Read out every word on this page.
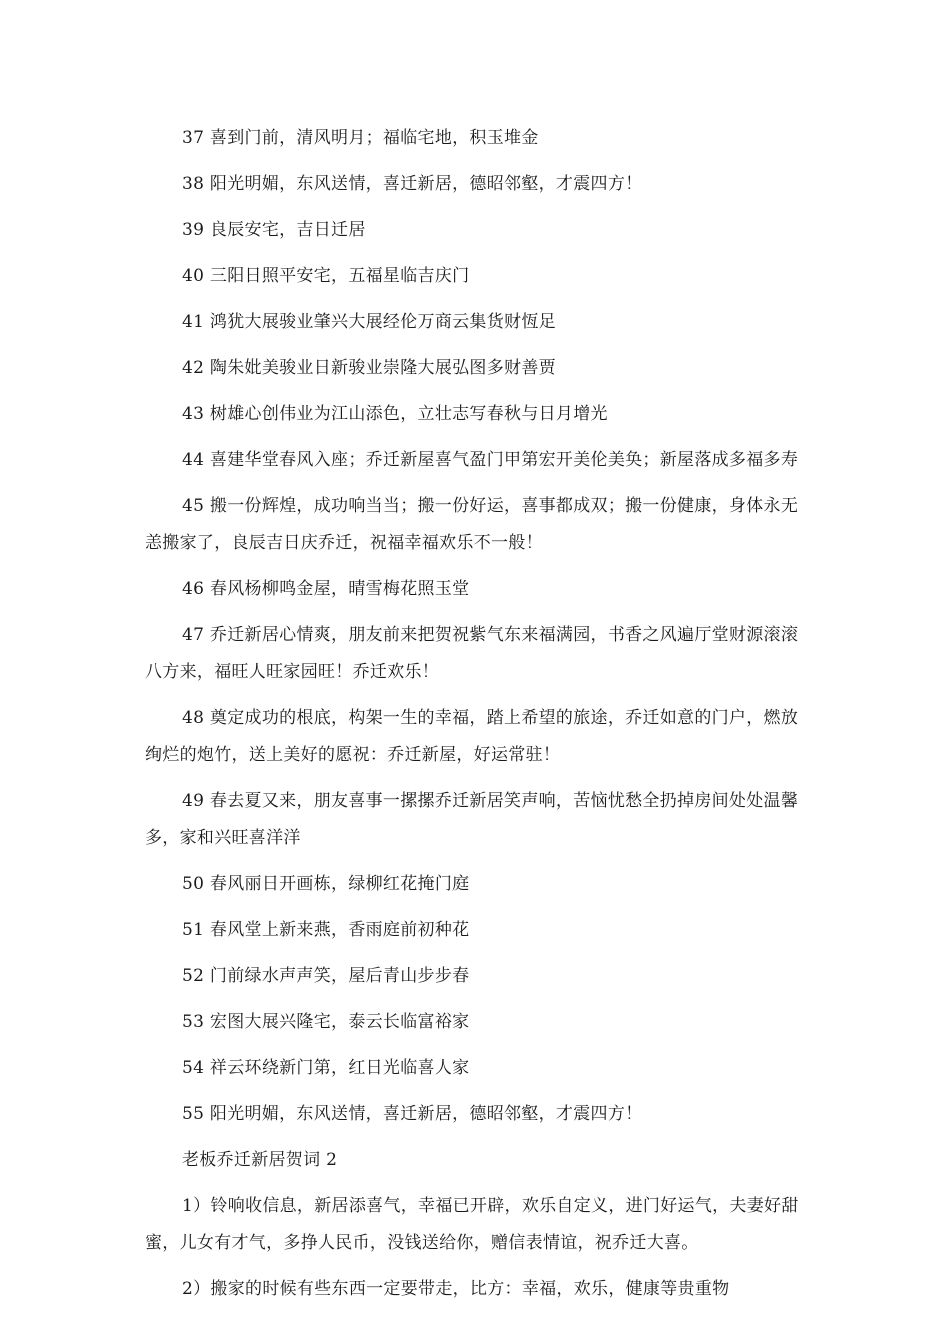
37 喜到门前，清风明月；福临宅地，积玉堆金

38 阳光明媚，东风送情，喜迁新居，德昭邻壑，才震四方！

39 良辰安宅，吉日迁居

40 三阳日照平安宅，五福星临吉庆门

41 鸿犹大展骏业肇兴大展经伦万商云集货财恆足

42 陶朱妣美骏业日新骏业崇隆大展弘图多财善贾

43 树雄心创伟业为江山添色，立壮志写春秋与日月增光

44 喜建华堂春风入座；乔迁新屋喜气盈门甲第宏开美伦美奂；新屋落成多福多寿

45 搬一份辉煌，成功响当当；搬一份好运，喜事都成双；搬一份健康，身体永无恙搬家了，良辰吉日庆乔迁，祝福幸福欢乐不一般！

46 春风杨柳鸣金屋，晴雪梅花照玉堂

47 乔迁新居心情爽，朋友前来把贺祝紫气东来福满园，书香之风遍厅堂财源滚滚八方来，福旺人旺家园旺！乔迁欢乐！

48 奠定成功的根底，构架一生的幸福，踏上希望的旅途，乔迁如意的门户，燃放绚烂的炮竹，送上美好的愿祝：乔迁新屋，好运常驻！

49 春去夏又来，朋友喜事一摞摞乔迁新居笑声响，苦恼忧愁全扔掉房间处处温馨多，家和兴旺喜洋洋

50 春风丽日开画栋，绿柳红花掩门庭

51 春风堂上新来燕，香雨庭前初种花

52 门前绿水声声笑，屋后青山步步春

53 宏图大展兴隆宅，泰云长临富裕家

54 祥云环绕新门第，红日光临喜人家

55 阳光明媚，东风送情，喜迁新居，德昭邻壑，才震四方！

老板乔迁新居贺词 2

1）铃响收信息，新居添喜气，幸福已开辟，欢乐自定义，进门好运气，夫妻好甜蜜，儿女有才气，多挣人民币，没钱送给你，赠信表情谊，祝乔迁大喜。

2）搬家的时候有些东西一定要带走，比方：幸福，欢乐，健康等贵重物
